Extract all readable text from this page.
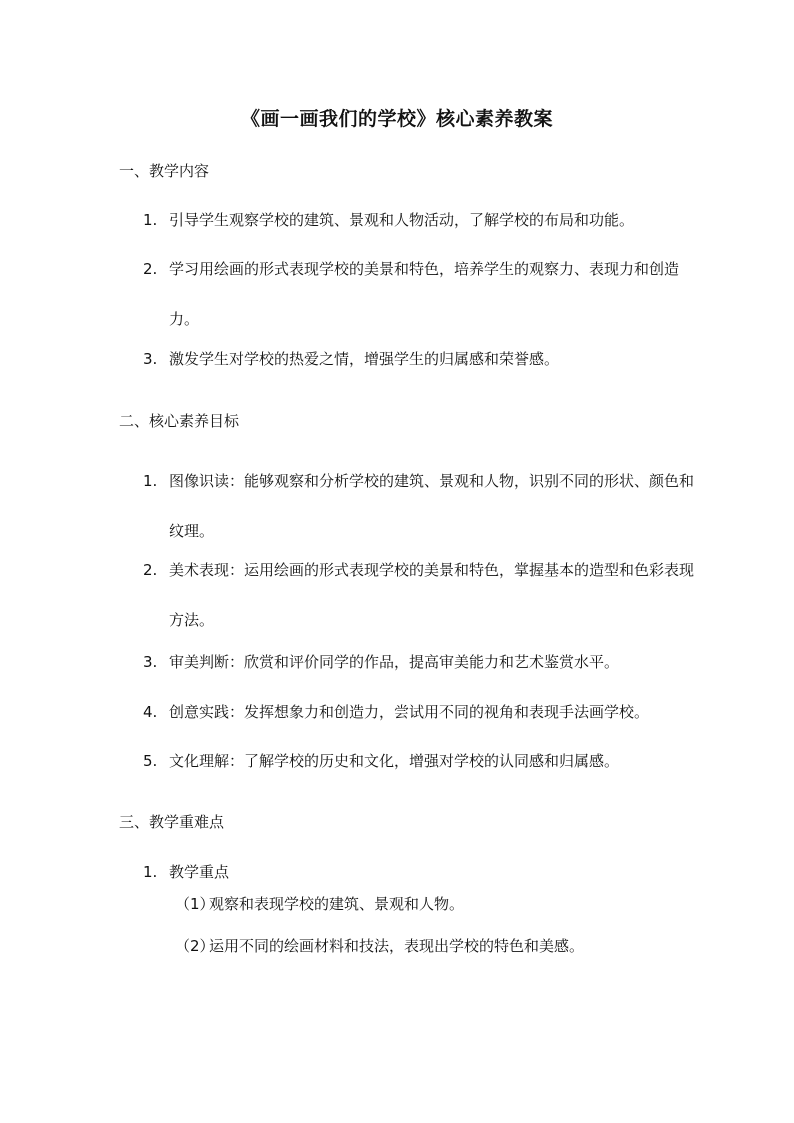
《画一画我们的学校》核心素养教案
一、教学内容
1. 引导学生观察学校的建筑、景观和人物活动，了解学校的布局和功能。
2. 学习用绘画的形式表现学校的美景和特色，培养学生的观察力、表现力和创造力。
3. 激发学生对学校的热爱之情，增强学生的归属感和荣誉感。
二、核心素养目标
1. 图像识读：能够观察和分析学校的建筑、景观和人物，识别不同的形状、颜色和纹理。
2. 美术表现：运用绘画的形式表现学校的美景和特色，掌握基本的造型和色彩表现方法。
3. 审美判断：欣赏和评价同学的作品，提高审美能力和艺术鉴赏水平。
4. 创意实践：发挥想象力和创造力，尝试用不同的视角和表现手法画学校。
5. 文化理解：了解学校的历史和文化，增强对学校的认同感和归属感。
三、教学重难点
1. 教学重点
（1）观察和表现学校的建筑、景观和人物。
（2）运用不同的绘画材料和技法，表现出学校的特色和美感。
